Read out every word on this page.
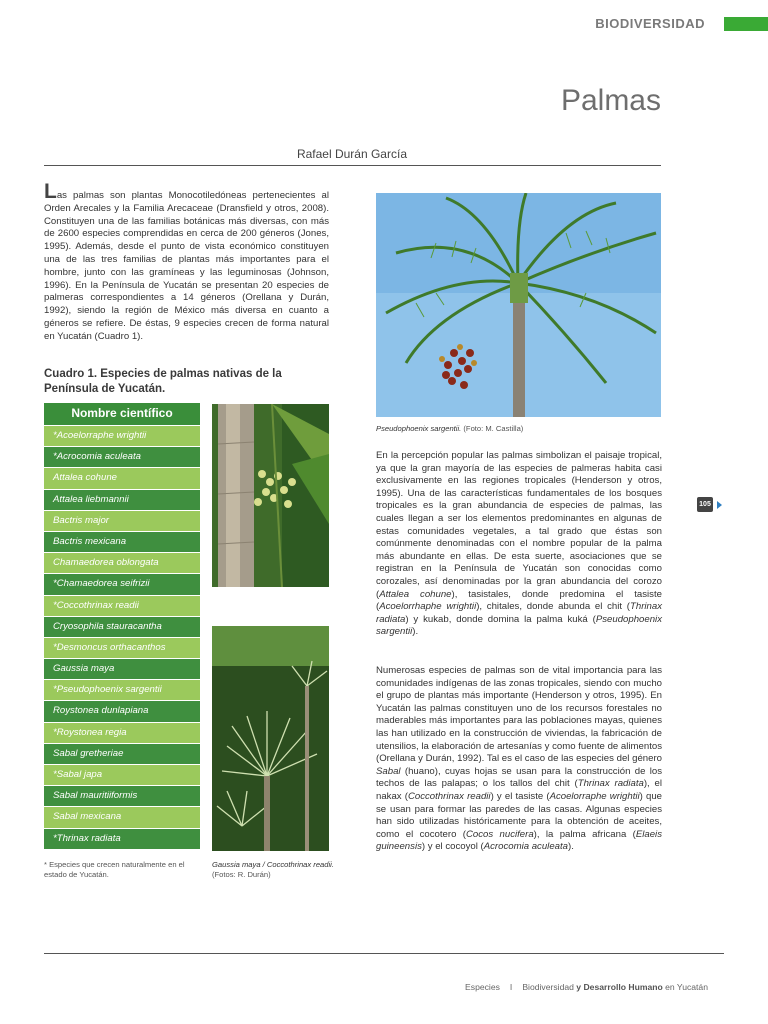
BIODIVERSIDAD
Palmas
Rafael Durán García
Las palmas son plantas Monocotiledóneas pertenecientes al Orden Arecales y la Familia Arecaceae (Dransfield y otros, 2008). Constituyen una de las familias botánicas más diversas, con más de 2600 especies comprendidas en cerca de 200 géneros (Jones, 1995). Además, desde el punto de vista económico constituyen una de las tres familias de plantas más importantes para el hombre, junto con las gramíneas y las leguminosas (Johnson, 1996). En la Península de Yucatán se presentan 20 especies de palmeras correspondientes a 14 géneros (Orellana y Durán, 1992), siendo la región de México más diversa en cuanto a géneros se refiere. De éstas, 9 especies crecen de forma natural en Yucatán (Cuadro 1).
Cuadro 1. Especies de palmas nativas de la Península de Yucatán.
Nombre científico
*Acoelorraphe wrightii
*Acrocomia aculeata
Attalea cohune
Attalea liebmannii
Bactris major
Bactris mexicana
Chamaedorea oblongata
*Chamaedorea seifrizii
*Coccothrinax readii
Cryosophila stauracantha
*Desmoncus orthacanthos
Gaussia maya
*Pseudophoenix sargentii
Roystonea dunlapiana
*Roystonea regia
Sabal gretheriae
*Sabal japa
Sabal mauritiiformis
Sabal mexicana
*Thrinax radiata
* Especies que crecen naturalmente en el estado de Yucatán.
Gaussia maya / Coccothrinax readii. (Fotos: R. Durán)
Pseudophoenix sargentii. (Foto: M. Castilla)
En la percepción popular las palmas simbolizan el paisaje tropical, ya que la gran mayoría de las especies de palmeras habita casi exclusivamente en las regiones tropicales (Henderson y otros, 1995). Una de las características fundamentales de los bosques tropicales es la gran abundancia de especies de palmas, las cuales llegan a ser los elementos predominantes en algunas de estas comunidades vegetales, a tal grado que éstas son comúnmente denominadas con el nombre popular de la palma más abundante en ellas. De esta suerte, asociaciones que se registran en la Península de Yucatán son conocidas como corozales, así denominadas por la gran abundancia del corozo (Attalea cohune), tasistales, donde predomina el tasiste (Acoelorrhaphe wrightii), chitales, donde abunda el chit (Thrinax radiata) y kukab, donde domina la palma kuká (Pseudophoenix sargentii).
Numerosas especies de palmas son de vital importancia para las comunidades indígenas de las zonas tropicales, siendo con mucho el grupo de plantas más importante (Henderson y otros, 1995). En Yucatán las palmas constituyen uno de los recursos forestales no maderables más importantes para las poblaciones mayas, quienes las han utilizado en la construcción de viviendas, la fabricación de utensilios, la elaboración de artesanías y como fuente de alimentos (Orellana y Durán, 1992). Tal es el caso de las especies del género Sabal (huano), cuyas hojas se usan para la construcción de los techos de las palapas; o los tallos del chit (Thrinax radiata), el nakax (Coccothrinax readii) y el tasiste (Acoelorraphe wrightii) que se usan para formar las paredes de las casas. Algunas especies han sido utilizadas históricamente para la obtención de aceites, como el cocotero (Cocos nucifera), la palma africana (Elaeis guineensis) y el cocoyol (Acrocomia aculeata).
105
Especies I Biodiversidad y Desarrollo Humano en Yucatán
